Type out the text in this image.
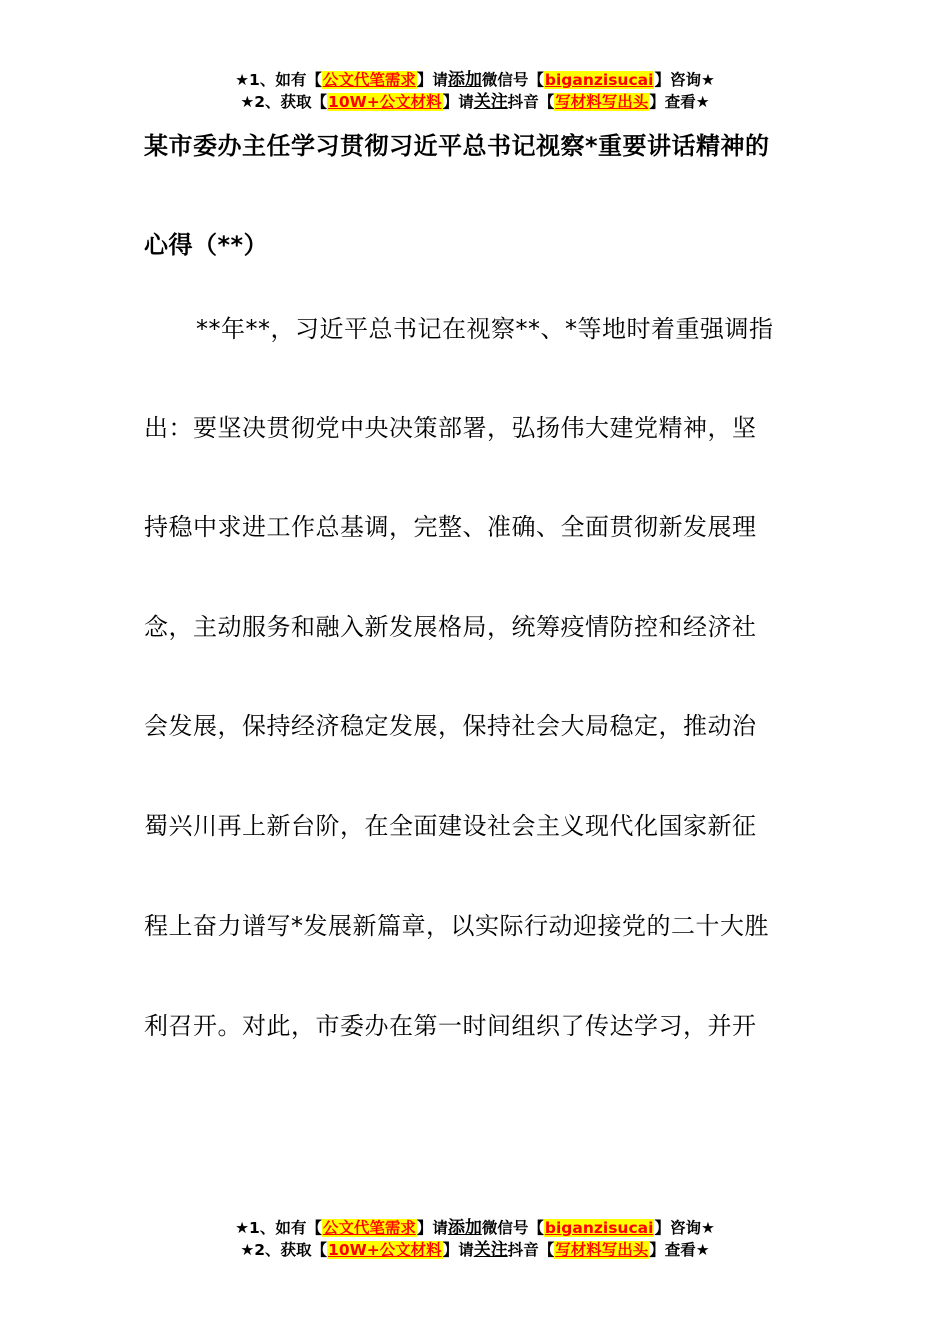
★1、如有【公文代笔需求】请添加微信号【biganzisucai】咨询★
★2、获取【10W+公文材料】请关注抖音【写材料写出头】查看★
某市委办主任学习贯彻习近平总书记视察*重要讲话精神的
心得（**）
**年**，习近平总书记在视察**、*等地时着重强调指
出：要坚决贯彻党中央决策部署，弘扬伟大建党精神，坚
持稳中求进工作总基调，完整、准确、全面贯彻新发展理
念，主动服务和融入新发展格局，统筹疫情防控和经济社
会发展，保持经济稳定发展，保持社会大局稳定，推动治
蜀兴川再上新台阶，在全面建设社会主义现代化国家新征
程上奋力谱写*发展新篇章，以实际行动迎接党的二十大胜
利召开。对此，市委办在第一时间组织了传达学习，并开
★1、如有【公文代笔需求】请添加微信号【biganzisucai】咨询★
★2、获取【10W+公文材料】请关注抖音【写材料写出头】查看★
